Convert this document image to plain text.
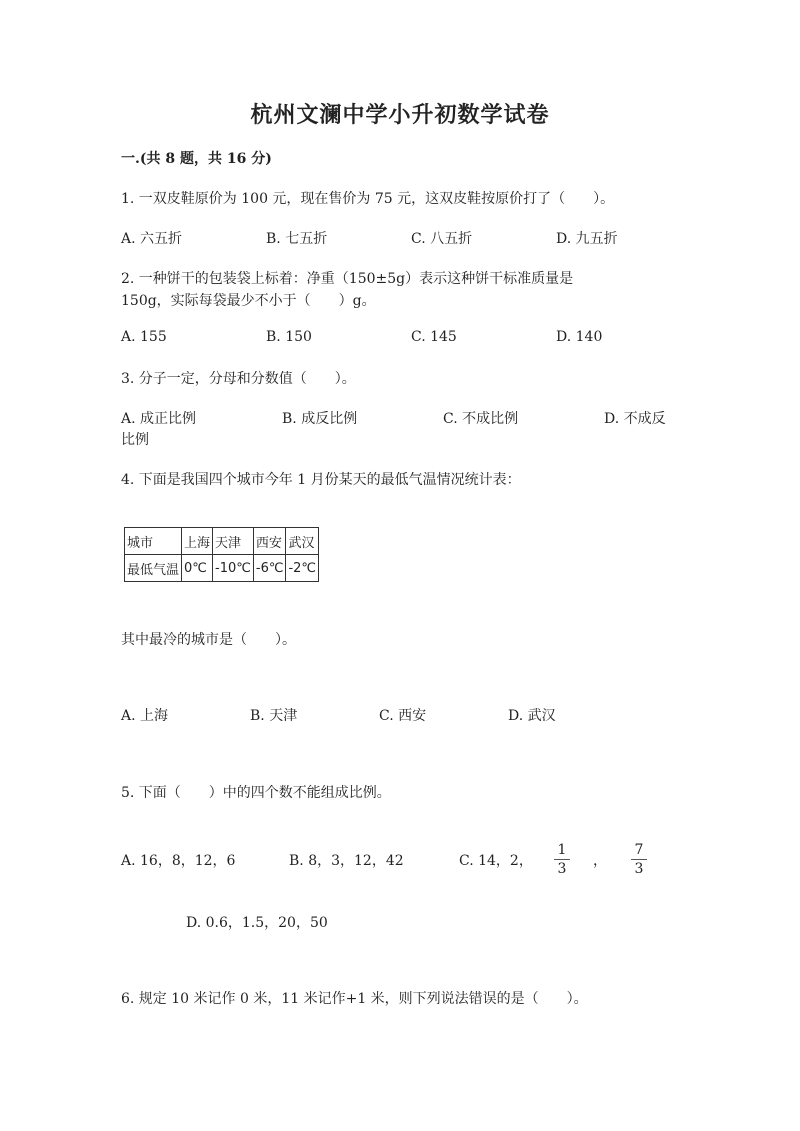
杭州文澜中学小升初数学试卷
一.(共 8 题，共 16 分)
1. 一双皮鞋原价为 100 元，现在售价为 75 元，这双皮鞋按原价打了（　　）。
A. 六五折	B. 七五折	C. 八五折	D. 九五折
2. 一种饼干的包装袋上标着：净重（150±5g）表示这种饼干标准质量是
150g，实际每袋最少不小于（　　）g。
A. 155	B. 150	C. 145	D. 140
3. 分子一定，分母和分数值（　　）。
A. 成正比例	B. 成反比例	C. 不成比例	D. 不成反
比例
4. 下面是我国四个城市今年 1 月份某天的最低气温情况统计表：
城市	上海	天津	西安	武汉
最低气温	0℃	-10℃	-6℃	-2℃
其中最冷的城市是（　　）。
A. 上海	B. 天津	C. 西安	D. 武汉
5. 下面（　　）中的四个数不能组成比例。
A. 16，8，12，6	B. 8，3，12，42	C. 14，2，
1
3 ，
7
3
D. 0.6，1.5，20，50
6. 规定 10 米记作 0 米，11 米记作+1 米，则下列说法错误的是（　　）。
